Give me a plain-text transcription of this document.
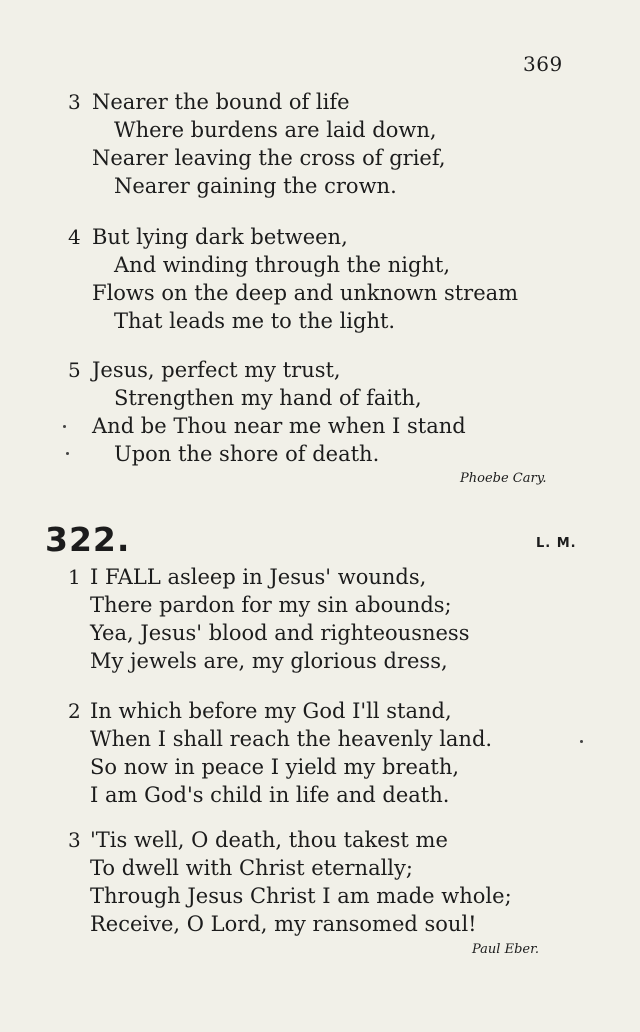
369
3 Nearer the bound of life
Where burdens are laid down,
Nearer leaving the cross of grief,
Nearer gaining the crown.
4 But lying dark between,
And winding through the night,
Flows on the deep and unknown stream
That leads me to the light.
5 Jesus, perfect my trust,
Strengthen my hand of faith,
And be Thou near me when I stand
Upon the shore of death.
Phoebe Cary.
322.	L. M.
1 I FALL asleep in Jesus' wounds,
There pardon for my sin abounds;
Yea, Jesus' blood and righteousness
My jewels are, my glorious dress,
2 In which before my God I'll stand,
When I shall reach the heavenly land.
So now in peace I yield my breath,
I am God's child in life and death.
3 'Tis well, O death, thou takest me
To dwell with Christ eternally;
Through Jesus Christ I am made whole;
Receive, O Lord, my ransomed soul!
Paul Eber.
